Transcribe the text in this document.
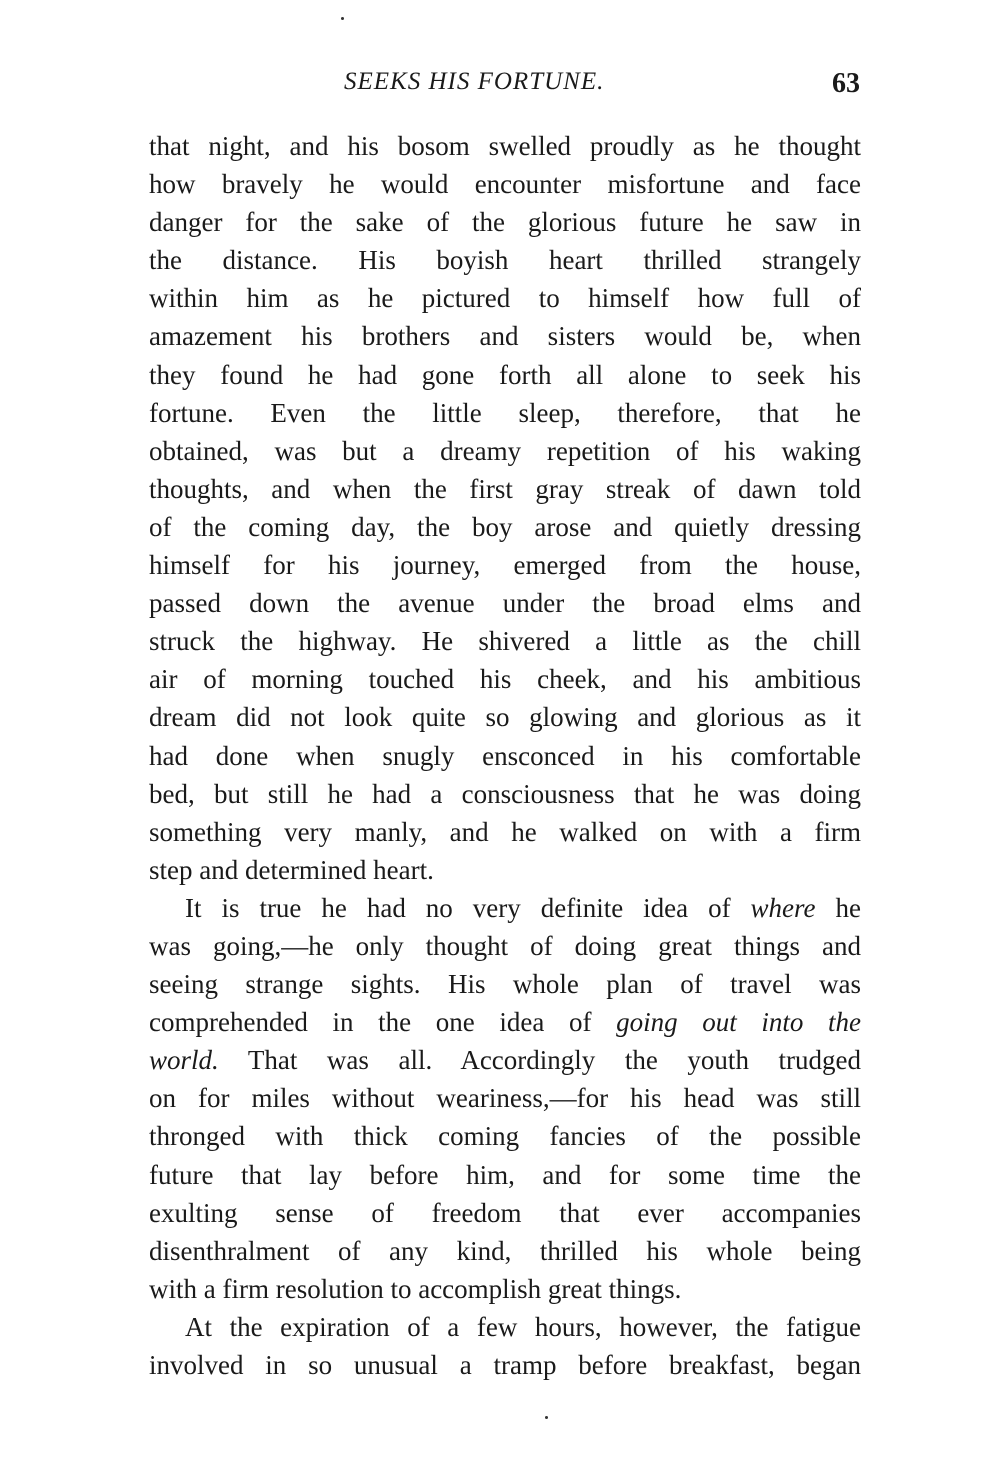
SEEKS HIS FORTUNE.	63
that night, and his bosom swelled proudly as he thought
how bravely he would encounter misfortune and face
danger for the sake of the glorious future he saw in
the distance. His boyish heart thrilled strangely
within him as he pictured to himself how full of
amazement his brothers and sisters would be, when
they found he had gone forth all alone to seek his
fortune. Even the little sleep, therefore, that he
obtained, was but a dreamy repetition of his waking
thoughts, and when the first gray streak of dawn told
of the coming day, the boy arose and quietly dressing
himself for his journey, emerged from the house,
passed down the avenue under the broad elms and
struck the highway. He shivered a little as the chill
air of morning touched his cheek, and his ambitious
dream did not look quite so glowing and glorious as it
had done when snugly ensconced in his comfortable
bed, but still he had a consciousness that he was doing
something very manly, and he walked on with a firm
step and determined heart.
It is true he had no very definite idea of where he
was going,—he only thought of doing great things and
seeing strange sights. His whole plan of travel was
comprehended in the one idea of going out into the
world. That was all. Accordingly the youth trudged
on for miles without weariness,—for his head was still
thronged with thick coming fancies of the possible
future that lay before him, and for some time the
exulting sense of freedom that ever accompanies
disenthralment of any kind, thrilled his whole being
with a firm resolution to accomplish great things.
At the expiration of a few hours, however, the fatigue
involved in so unusual a tramp before breakfast, began
